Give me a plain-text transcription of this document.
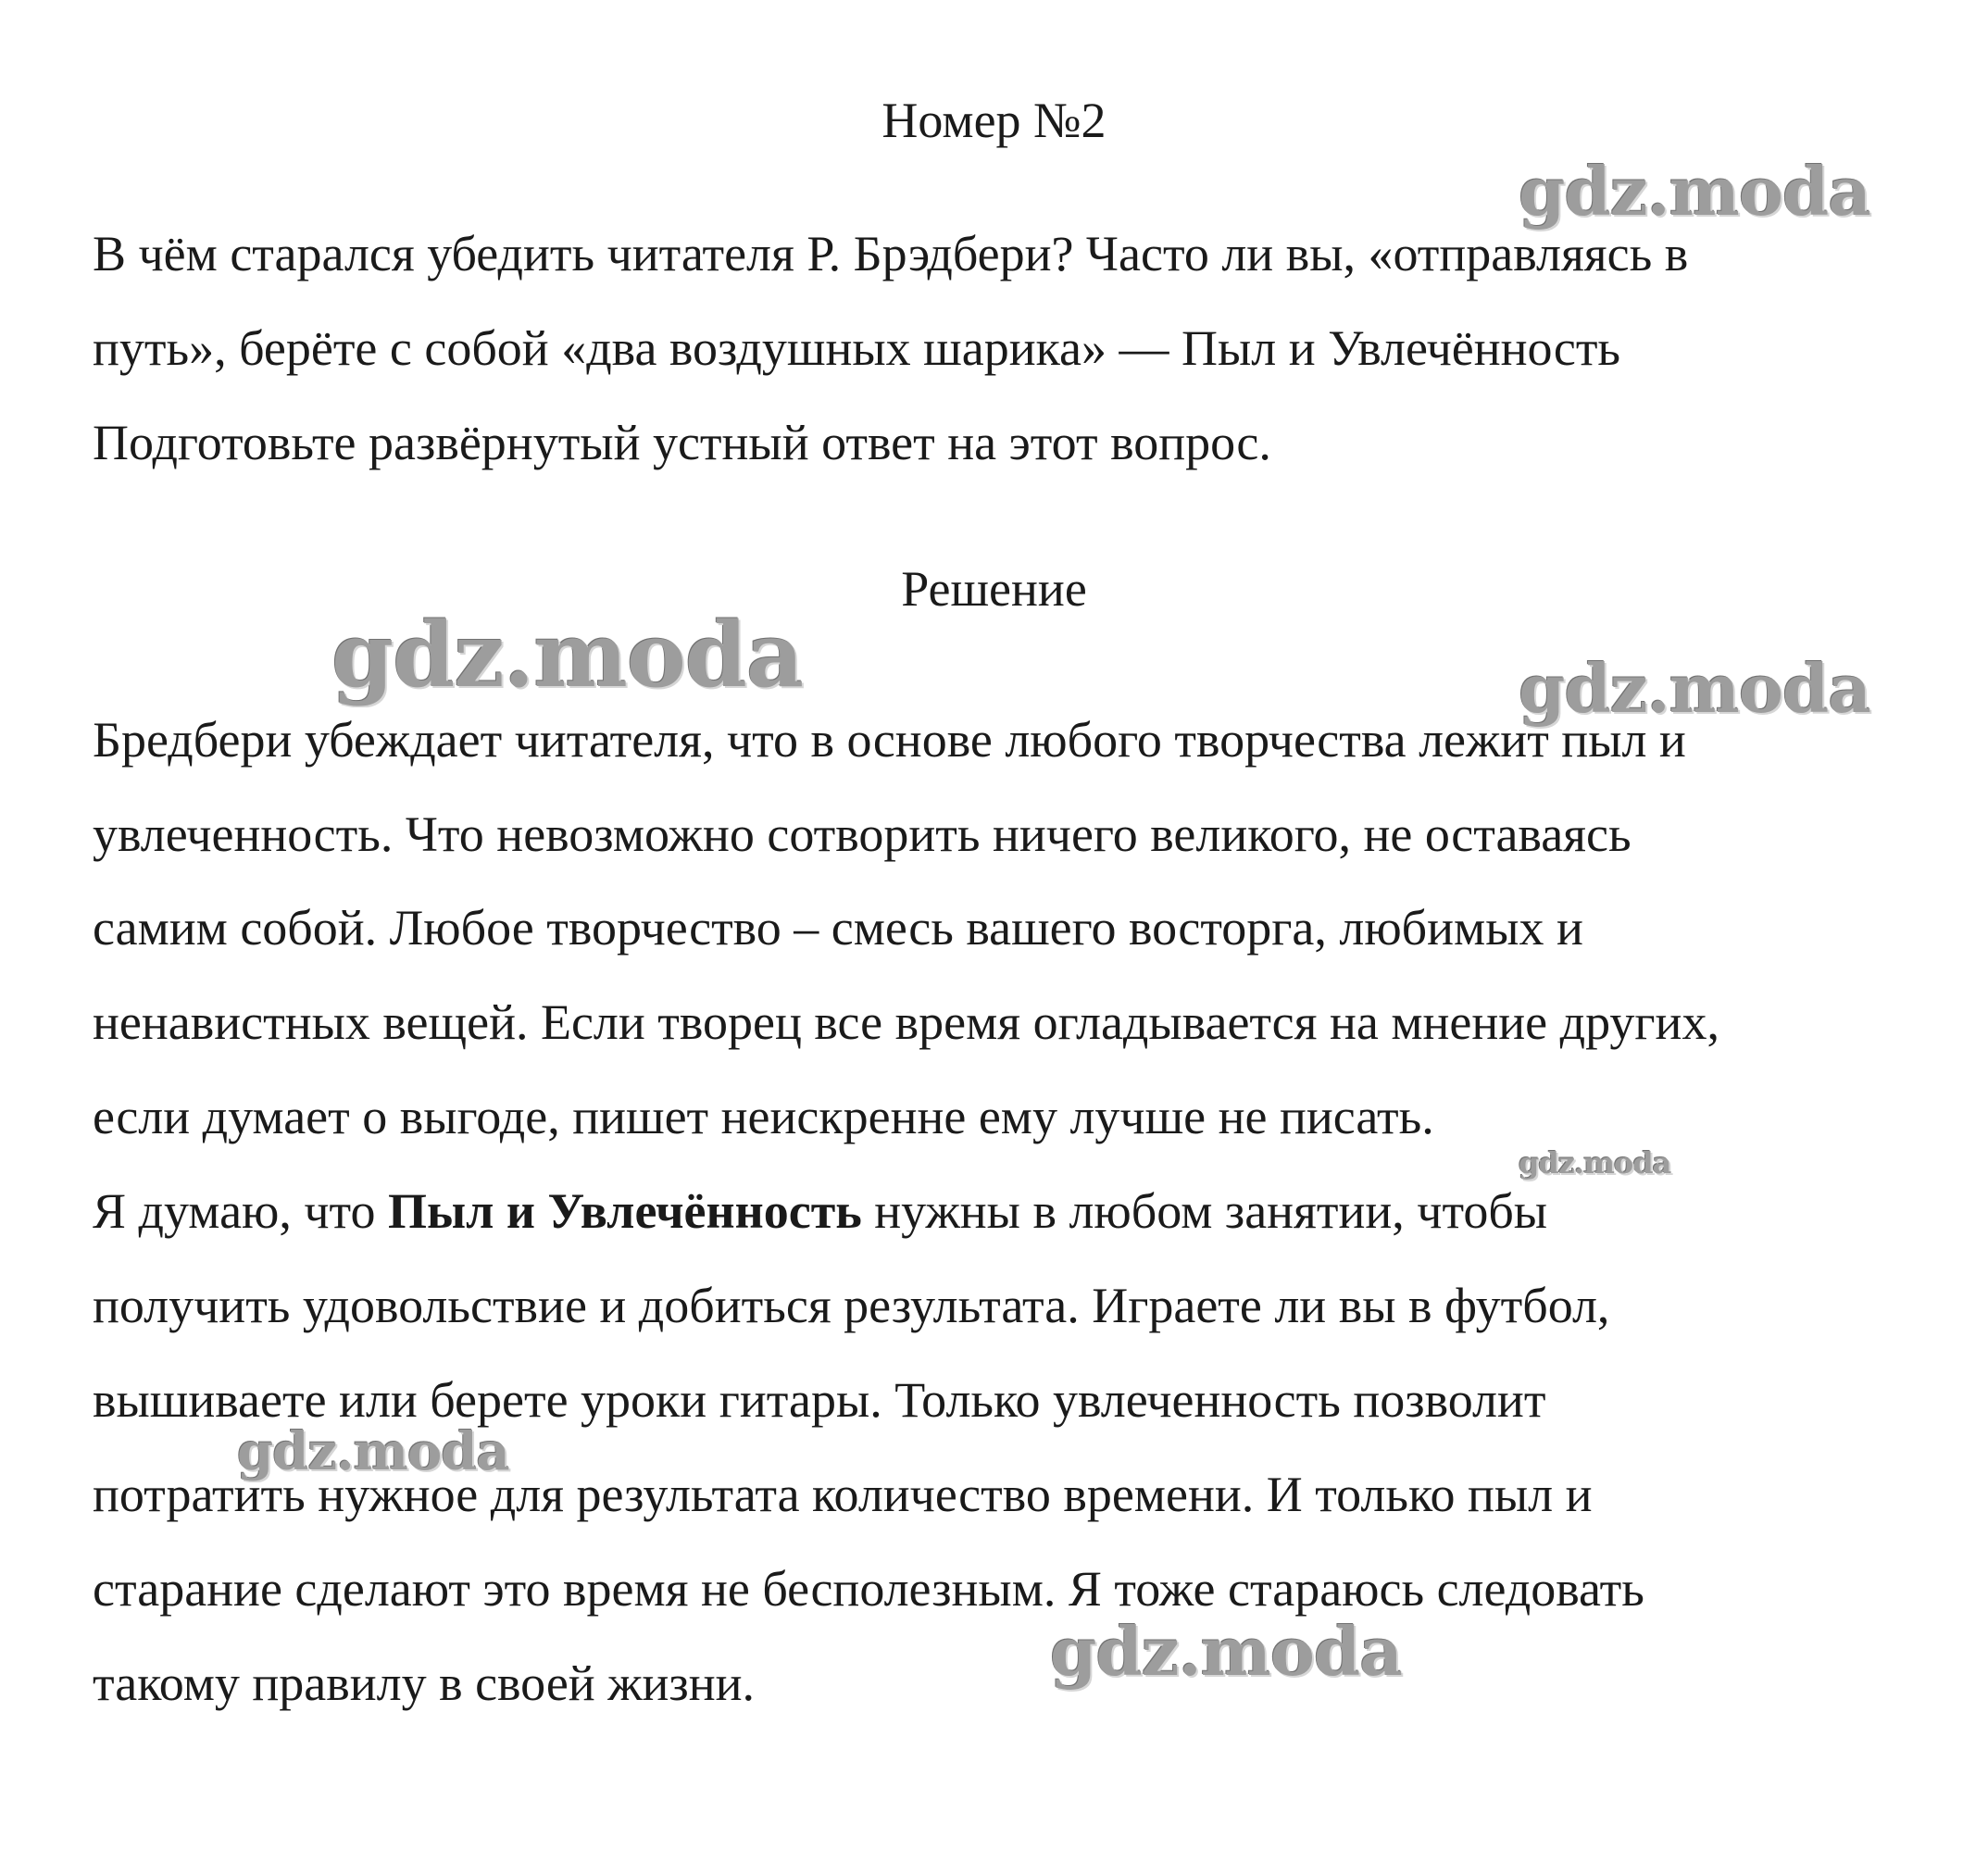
Номер №2
В чём старался убедить читателя Р. Брэдбери? Часто ли вы, «отправляясь в
путь», берёте с собой «два воздушных шарика» — Пыл и Увлечённость
Подготовьте развёрнутый устный ответ на этот вопрос.
Решение
Бредбери убеждает читателя, что в основе любого творчества лежит пыл и
увлеченность. Что невозможно сотворить ничего великого, не оставаясь
самим собой. Любое творчество – смесь вашего восторга, любимых и
ненавистных вещей. Если творец все время огладывается на мнение других,
если думает о выгоде, пишет неискренне ему лучше не писать.
Я думаю, что Пыл и Увлечённость нужны в любом занятии, чтобы
получить удовольствие и добиться результата. Играете ли вы в футбол,
вышиваете или берете уроки гитары. Только увлеченность позволит
потратить нужное для результата количество времени. И только пыл и
старание сделают это время не бесполезным. Я тоже стараюсь следовать
такому правилу в своей жизни.
gdz.moda
gdz.moda	gdz.moda
gdz.moda
gdz.moda
gdz.moda
